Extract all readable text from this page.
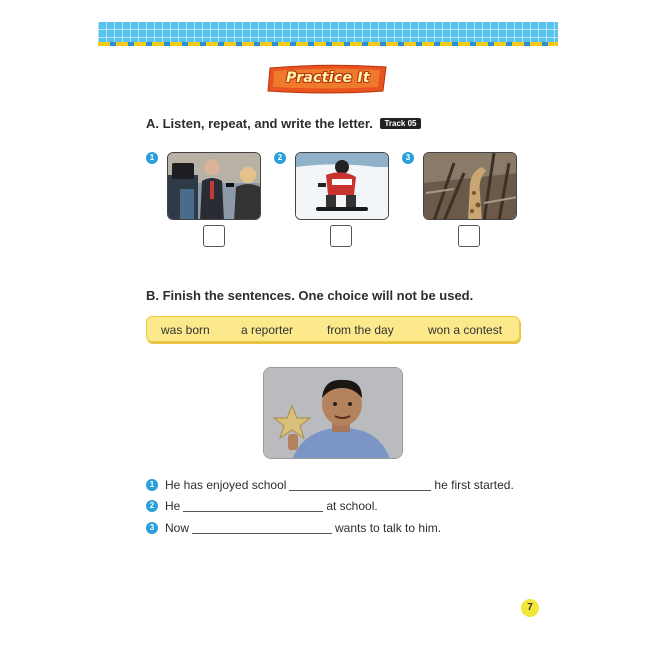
Practice It
A. Listen, repeat, and write the letter. Track 05
1	2	3
B. Finish the sentences. One choice will not be used.
was born	a reporter	from the day	won a contest
1 He has enjoyed school	he first started.
2 He	at school.
3 Now	wants to talk to him.
7
